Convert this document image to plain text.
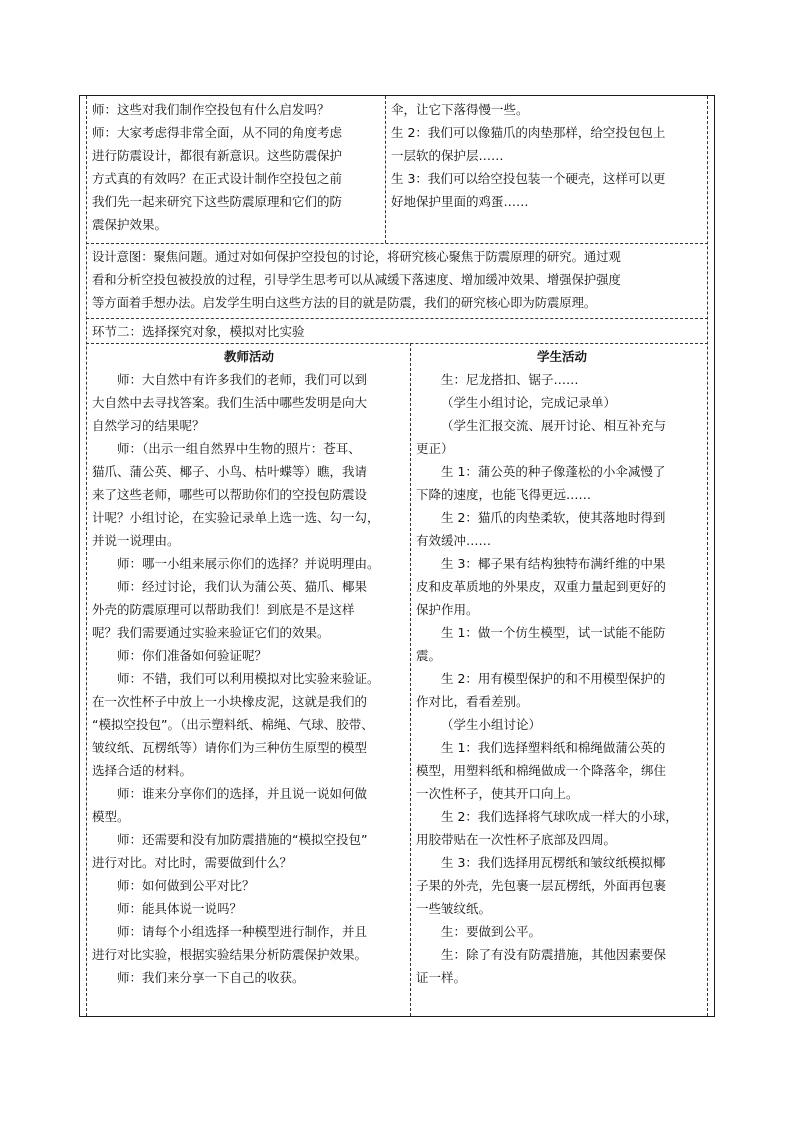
师：这些对我们制作空投包有什么启发吗？
师：大家考虑得非常全面，从不同的角度考虑
进行防震设计，都很有新意识。这些防震保护
方式真的有效吗？在正式设计制作空投包之前
我们先一起来研究下这些防震原理和它们的防
震保护效果。
伞，让它下落得慢一些。
生 2：我们可以像猫爪的肉垫那样，给空投包包上
一层软的保护层……
生 3：我们可以给空投包装一个硬壳，这样可以更
好地保护里面的鸡蛋……
设计意图：聚焦问题。通过对如何保护空投包的讨论，将研究核心聚焦于防震原理的研究。通过观
看和分析空投包被投放的过程，引导学生思考可以从减缓下落速度、增加缓冲效果、增强保护强度
等方面着手想办法。启发学生明白这些方法的目的就是防震，我们的研究核心即为防震原理。
环节二：选择探究对象，模拟对比实验
教师活动
师：大自然中有许多我们的老师，我们可以到
大自然中去寻找答案。我们生活中哪些发明是向大
自然学习的结果呢？
师：（出示一组自然界中生物的照片：苍耳、
猫爪、蒲公英、椰子、小鸟、枯叶蝶等）瞧，我请
来了这些老师，哪些可以帮助你们的空投包防震设
计呢？小组讨论，在实验记录单上选一选、勾一勾，
并说一说理由。
师：哪一小组来展示你们的选择？并说明理由。
师：经过讨论，我们认为蒲公英、猫爪、椰果
外壳的防震原理可以帮助我们！到底是不是这样
呢？我们需要通过实验来验证它们的效果。
师：你们准备如何验证呢？
师：不错，我们可以利用模拟对比实验来验证。
在一次性杯子中放上一小块橡皮泥，这就是我们的
“模拟空投包”。（出示塑料纸、棉绳、气球、胶带、
皱纹纸、瓦楞纸等）请你们为三种仿生原型的模型
选择合适的材料。
师：谁来分享你们的选择，并且说一说如何做
模型。
师：还需要和没有加防震措施的“模拟空投包”
进行对比。对比时，需要做到什么？
师：如何做到公平对比？
师：能具体说一说吗？
师：请每个小组选择一种模型进行制作，并且
进行对比实验，根据实验结果分析防震保护效果。
师：我们来分享一下自己的收获。
学生活动
生：尼龙搭扣、锯子……
（学生小组讨论，完成记录单）
（学生汇报交流、展开讨论、相互补充与
更正）
生 1：蒲公英的种子像蓬松的小伞减慢了
下降的速度，也能飞得更远……
生 2：猫爪的肉垫柔软，使其落地时得到
有效缓冲……
生 3：椰子果有结构独特布满纤维的中果
皮和皮革质地的外果皮，双重力量起到更好的
保护作用。
生 1：做一个仿生模型，试一试能不能防
震。
生 2：用有模型保护的和不用模型保护的
作对比，看看差别。
（学生小组讨论）
生 1：我们选择塑料纸和棉绳做蒲公英的
模型，用塑料纸和棉绳做成一个降落伞，绑住
一次性杯子，使其开口向上。
生 2：我们选择将气球吹成一样大的小球，
用胶带贴在一次性杯子底部及四周。
生 3：我们选择用瓦楞纸和皱纹纸模拟椰
子果的外壳，先包裹一层瓦楞纸，外面再包裹
一些皱纹纸。
生：要做到公平。
生：除了有没有防震措施，其他因素要保
证一样。
